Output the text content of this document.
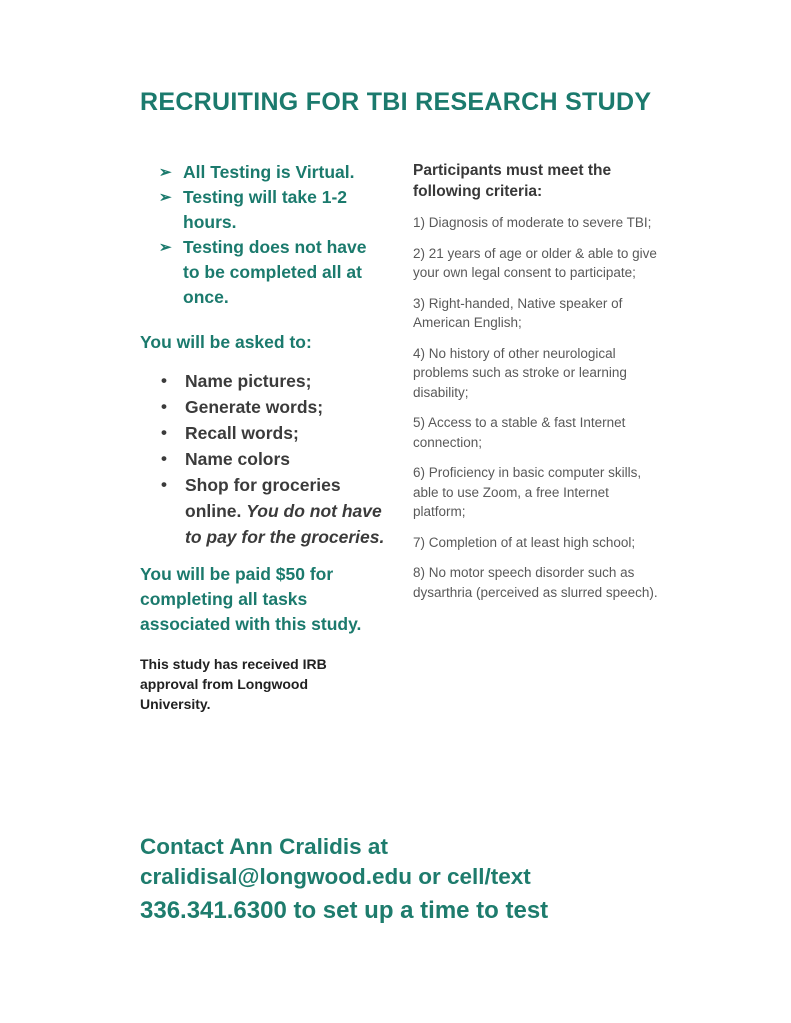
RECRUITING FOR TBI RESEARCH STUDY
➢ All Testing is Virtual.
➢ Testing will take 1-2 hours.
➢ Testing does not have to be completed all at once.
You will be asked to:
• Name pictures;
• Generate words;
• Recall words;
• Name colors
• Shop for groceries online. You do not have to pay for the groceries.

You will be paid $50 for completing all tasks associated with this study.

This study has received IRB approval from Longwood University.

Participants must meet the following criteria:

1) Diagnosis of moderate to severe TBI;

2) 21 years of age or older & able to give your own legal consent to participate;

3) Right-handed, Native speaker of American English;

4) No history of other neurological problems such as stroke or learning disability;

5) Access to a stable & fast Internet connection;

6) Proficiency in basic computer skills, able to use Zoom, a free Internet platform;

7) Completion of at least high school;

8) No motor speech disorder such as dysarthria (perceived as slurred speech).

Contact Ann Cralidis at
cralidisal@longwood.edu or cell/text
336.341.6300 to set up a time to test
